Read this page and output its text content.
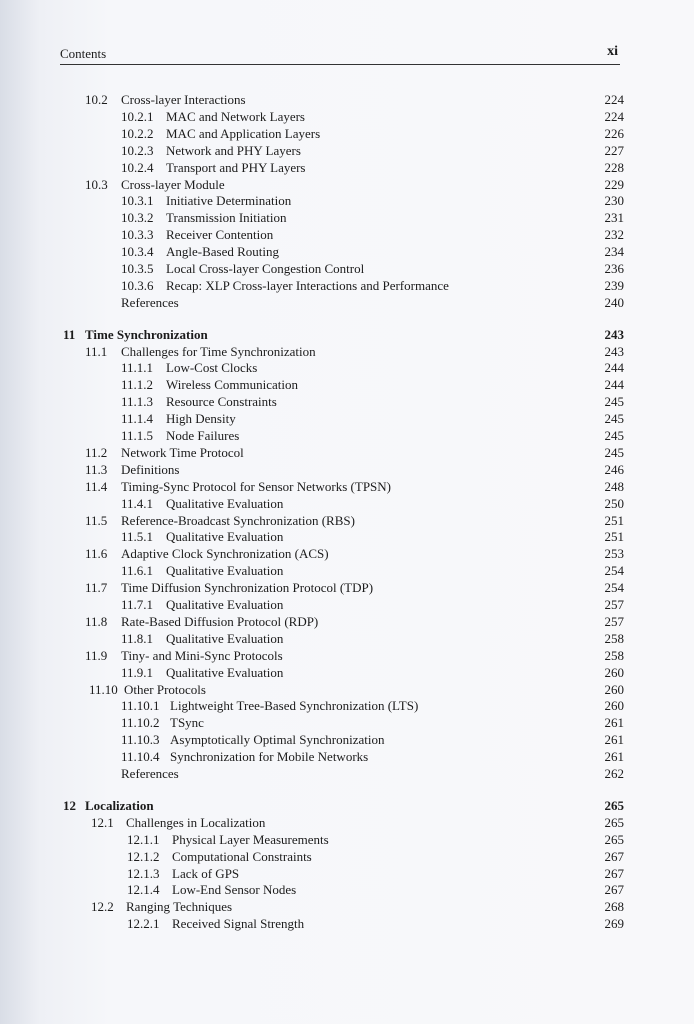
Contents	xi
10.2 Cross-layer Interactions	224
10.2.1 MAC and Network Layers	224
10.2.2 MAC and Application Layers	226
10.2.3 Network and PHY Layers	227
10.2.4 Transport and PHY Layers	228
10.3 Cross-layer Module	229
10.3.1 Initiative Determination	230
10.3.2 Transmission Initiation	231
10.3.3 Receiver Contention	232
10.3.4 Angle-Based Routing	234
10.3.5 Local Cross-layer Congestion Control	236
10.3.6 Recap: XLP Cross-layer Interactions and Performance	239
References	240
11 Time Synchronization	243
11.1 Challenges for Time Synchronization	243
11.1.1 Low-Cost Clocks	244
11.1.2 Wireless Communication	244
11.1.3 Resource Constraints	245
11.1.4 High Density	245
11.1.5 Node Failures	245
11.2 Network Time Protocol	245
11.3 Definitions	246
11.4 Timing-Sync Protocol for Sensor Networks (TPSN)	248
11.4.1 Qualitative Evaluation	250
11.5 Reference-Broadcast Synchronization (RBS)	251
11.5.1 Qualitative Evaluation	251
11.6 Adaptive Clock Synchronization (ACS)	253
11.6.1 Qualitative Evaluation	254
11.7 Time Diffusion Synchronization Protocol (TDP)	254
11.7.1 Qualitative Evaluation	257
11.8 Rate-Based Diffusion Protocol (RDP)	257
11.8.1 Qualitative Evaluation	258
11.9 Tiny- and Mini-Sync Protocols	258
11.9.1 Qualitative Evaluation	260
11.10 Other Protocols	260
11.10.1 Lightweight Tree-Based Synchronization (LTS)	260
11.10.2 TSync	261
11.10.3 Asymptotically Optimal Synchronization	261
11.10.4 Synchronization for Mobile Networks	261
References	262
12 Localization	265
12.1 Challenges in Localization	265
12.1.1 Physical Layer Measurements	265
12.1.2 Computational Constraints	267
12.1.3 Lack of GPS	267
12.1.4 Low-End Sensor Nodes	267
12.2 Ranging Techniques	268
12.2.1 Received Signal Strength	269
